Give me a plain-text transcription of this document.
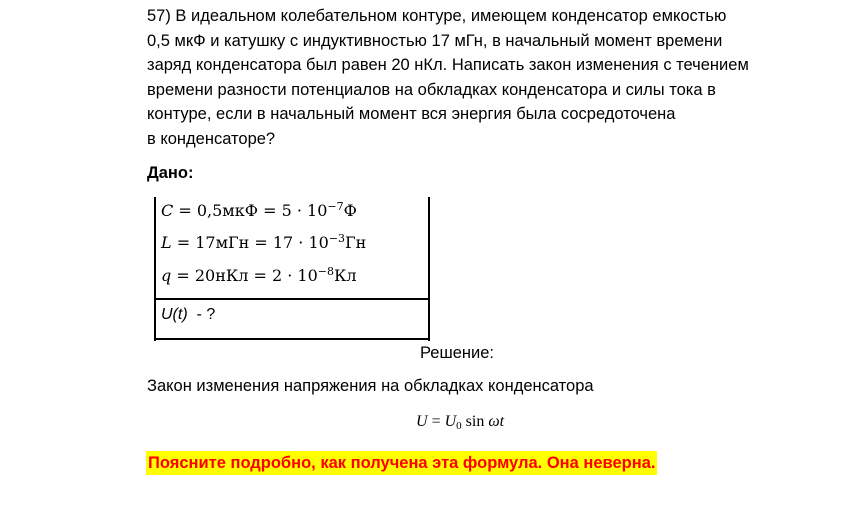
57) В идеальном колебательном контуре, имеющем конденсатор емкостью
0,5 мкФ и катушку с индуктивностью 17 мГн, в начальный момент времени
заряд конденсатора был равен 20 нКл. Написать закон изменения с течением
времени разности потенциалов на обкладках конденсатора и силы тока в
контуре, если в начальный момент вся энергия была сосредоточена
в конденсаторе?
Дано:
$C = 0,5мкФ = 5 \cdot 10^{-7}Ф$
$L = 17мГн = 17 \cdot 10^{-3}Гн$
$q = 20нКл = 2 \cdot 10^{-8}Кл$
U(t)  - ?
Решение:
Закон изменения напряжения на обкладках конденсатора
$U = U_0$ sin ωt
Поясните подробно, как получена эта формула. Она неверна.
